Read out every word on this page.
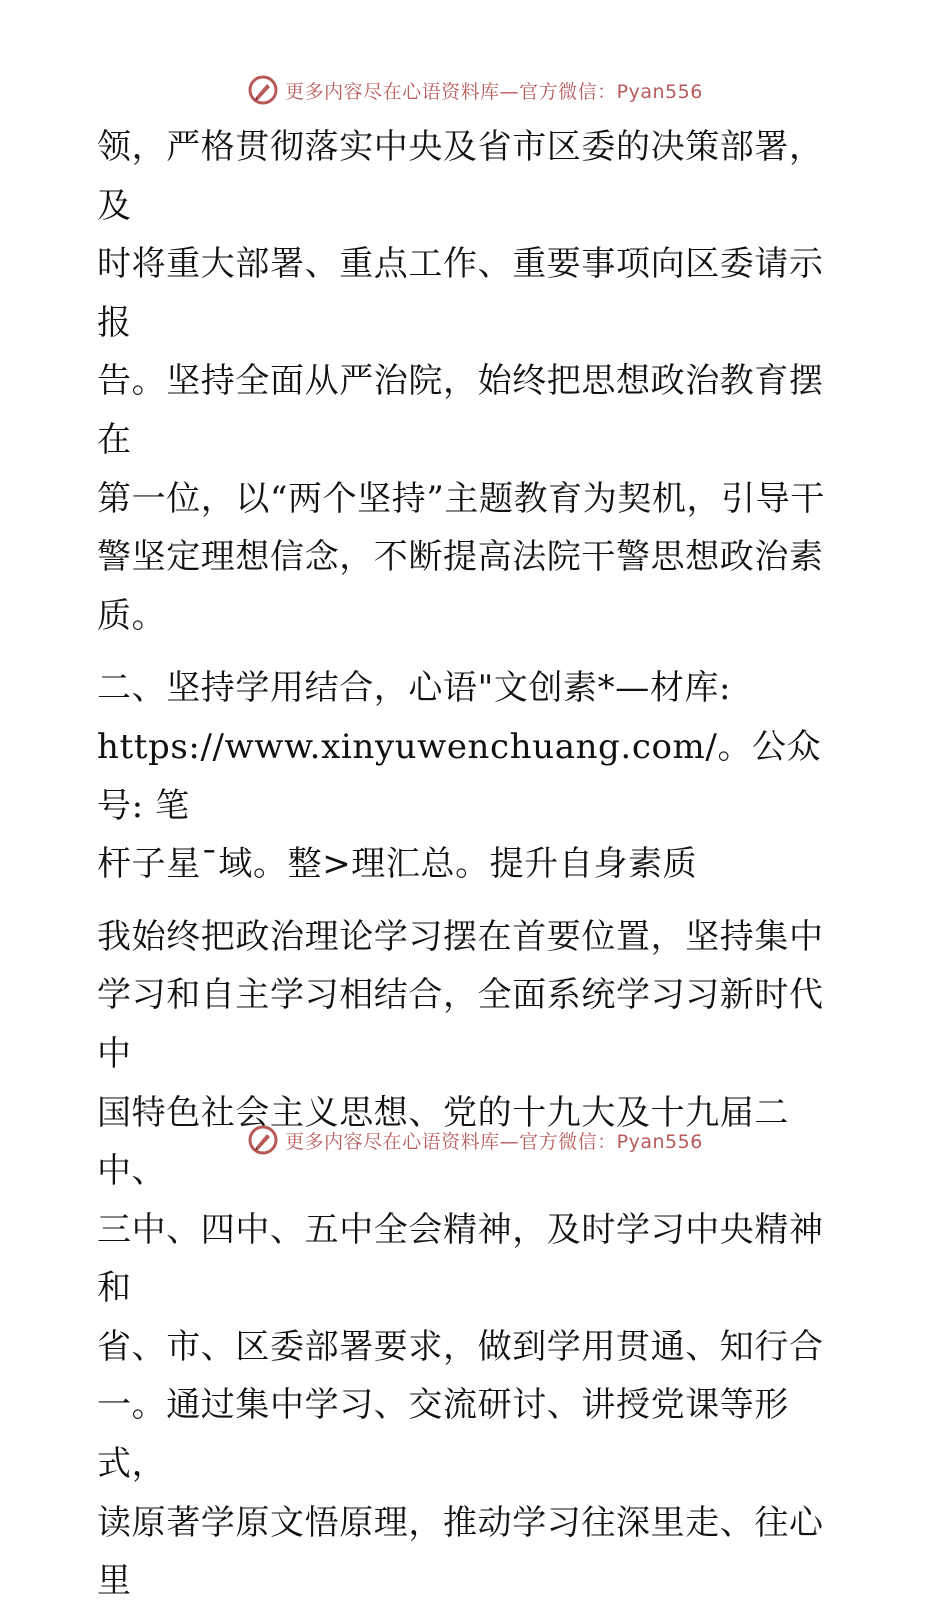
更多内容尽在心语资料库—官方微信：Pyan556

领，严格贯彻落实中央及省市区委的决策部署，及
时将重大部署、重点工作、重要事项向区委请示报
告。坚持全面从严治院，始终把思想政治教育摆在
第一位，以“两个坚持”主题教育为契机，引导干
警坚定理想信念，不断提高法院干警思想政治素
质。

二、坚持学用结合，心语"文创素*—材库:
https://www.xinyuwenchuang.com/。公众号: 笔
杆子星¯域。整>理汇总。提升自身素质

我始终把政治理论学习摆在首要位置，坚持集中
学习和自主学习相结合，全面系统学习习新时代中
国特色社会主义思想、党的十九大及十九届二中、
三中、四中、五中全会精神，及时学习中央精神和
省、市、区委部署要求，做到学用贯通、知行合
一。通过集中学习、交流研讨、讲授党课等形式，
读原著学原文悟原理，推动学习往深里走、往心里

更多内容尽在心语资料库—官方微信：Pyan556
